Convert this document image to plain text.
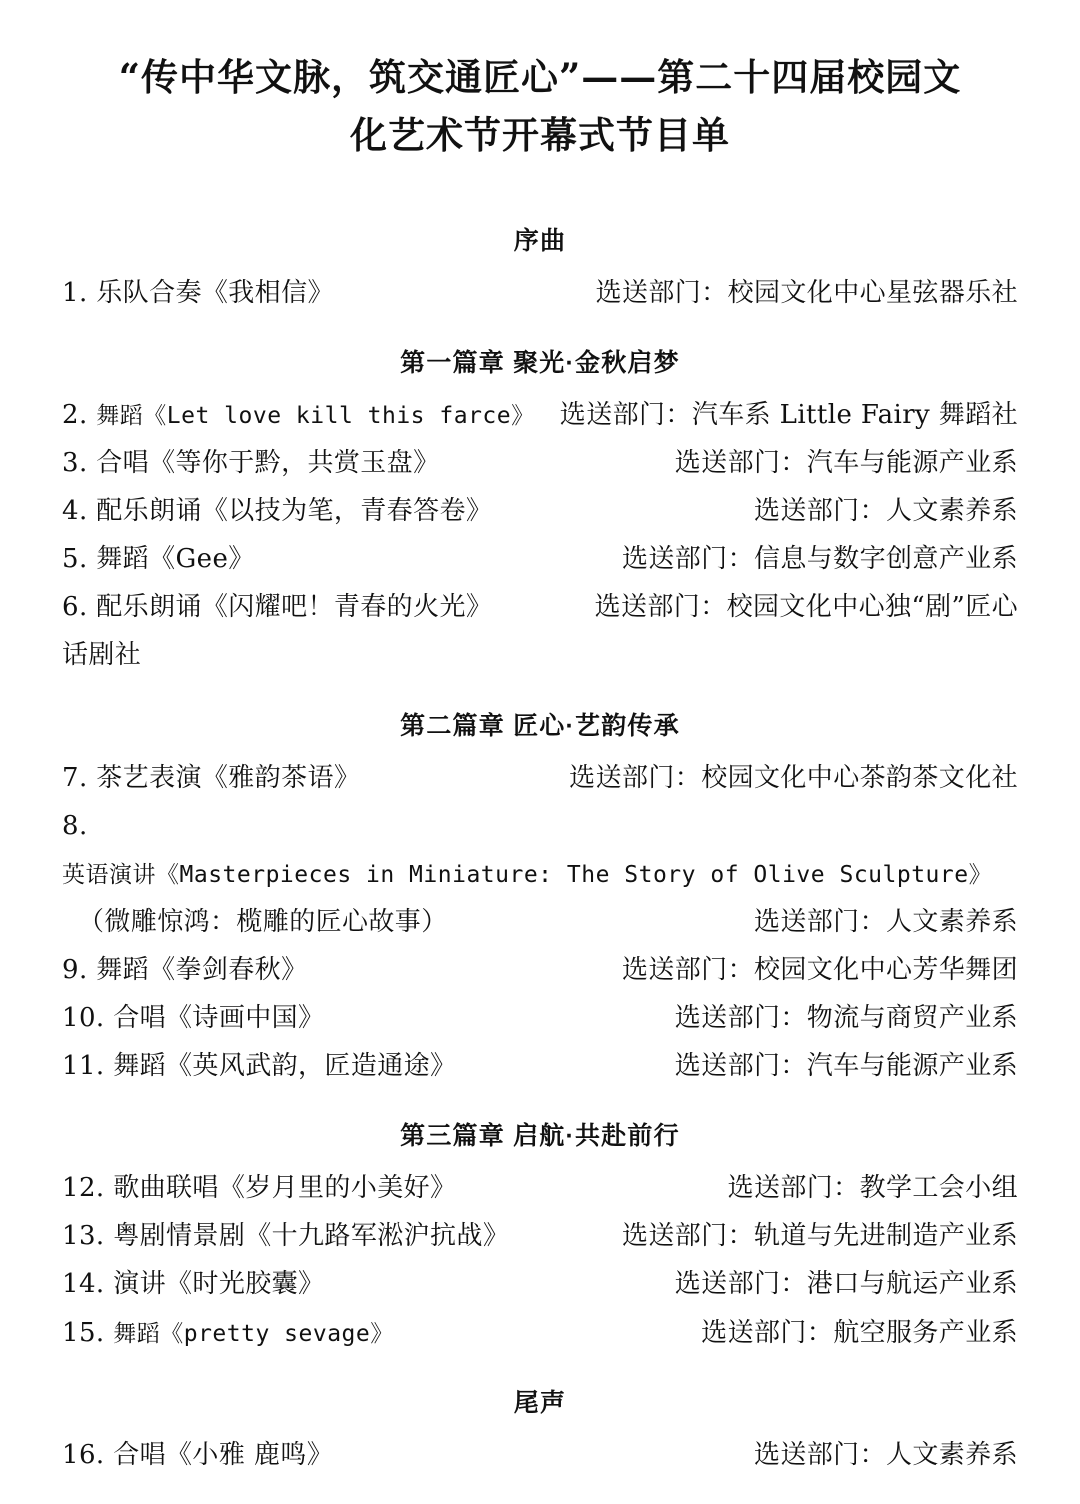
“传中华文脉，筑交通匠心”——第二十四届校园文
化艺术节开幕式节目单
序曲
1. 乐队合奏《我相信》	选送部门：校园文化中心星弦器乐社
第一篇章 聚光·金秋启梦
2. 舞蹈《Let love kill this farce》 选送部门：汽车系 Little Fairy 舞蹈社
3. 合唱《等你于黔，共赏玉盘》	选送部门：汽车与能源产业系
4. 配乐朗诵《以技为笔，青春答卷》	选送部门：人文素养系
5. 舞蹈《Gee》	选送部门：信息与数字创意产业系
6. 配乐朗诵《闪耀吧！青春的火光》	选送部门：校园文化中心独“剧”匠心
话剧社
第二篇章 匠心·艺韵传承
7. 茶艺表演《雅韵茶语》	选送部门：校园文化中心茶韵茶文化社
8. 英语演讲《Masterpieces in Miniature: The Story of Olive Sculpture》
（微雕惊鸿：榄雕的匠心故事）	选送部门：人文素养系
9. 舞蹈《拳剑春秋》	选送部门：校园文化中心芳华舞团
10. 合唱《诗画中国》	选送部门：物流与商贸产业系
11. 舞蹈《英风武韵，匠造通途》	选送部门：汽车与能源产业系
第三篇章 启航·共赴前行
12. 歌曲联唱《岁月里的小美好》	选送部门：教学工会小组
13. 粤剧情景剧《十九路军淞沪抗战》	选送部门：轨道与先进制造产业系
14. 演讲《时光胶囊》	选送部门：港口与航运产业系
15. 舞蹈《pretty sevage》	选送部门：航空服务产业系
尾声
16. 合唱《小雅 鹿鸣》	选送部门：人文素养系
